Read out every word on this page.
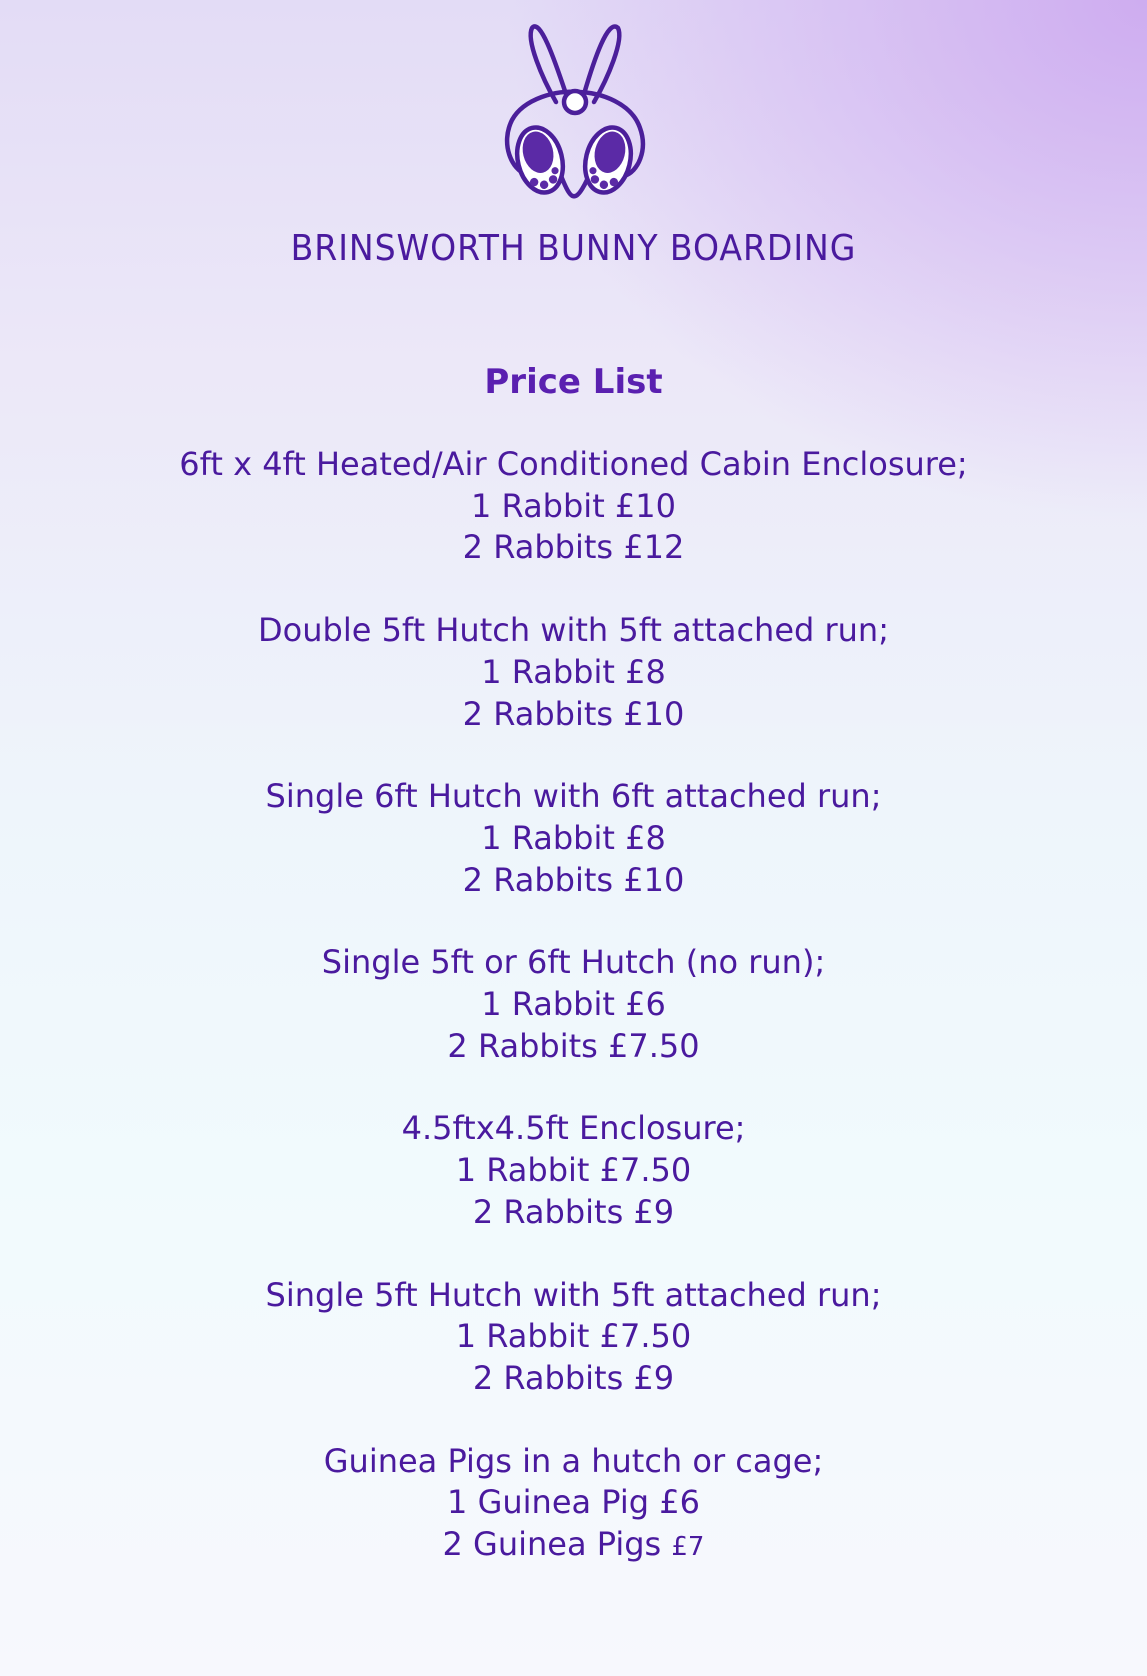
BRINSWORTH BUNNY BOARDING
Price List
6ft x 4ft Heated/Air Conditioned Cabin Enclosure;
1 Rabbit £10
2 Rabbits £12
Double 5ft Hutch with 5ft attached run;
1 Rabbit £8
2 Rabbits £10
Single 6ft Hutch with 6ft attached run;
1 Rabbit £8
2 Rabbits £10
Single 5ft or 6ft Hutch (no run);
1 Rabbit £6
2 Rabbits £7.50
4.5ftx4.5ft Enclosure;
1 Rabbit £7.50
2 Rabbits £9
Single 5ft Hutch with 5ft attached run;
1 Rabbit £7.50
2 Rabbits £9
Guinea Pigs in a hutch or cage;
1 Guinea Pig £6
2 Guinea Pigs £7
